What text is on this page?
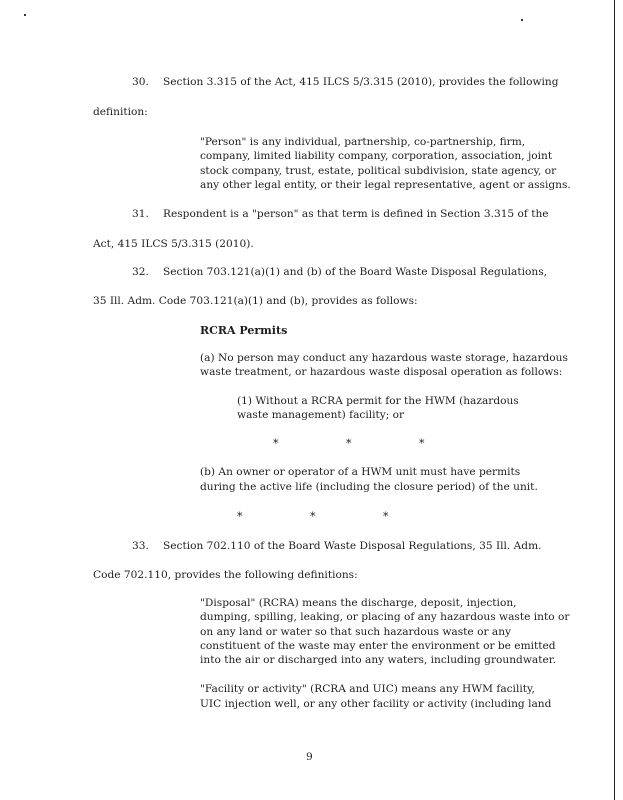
30. Section 3.315 of the Act, 415 ILCS 5/3.315 (2010), provides the following
definition:
"Person" is any individual, partnership, co-partnership, firm,
company, limited liability company, corporation, association, joint
stock company, trust, estate, political subdivision, state agency, or
any other legal entity, or their legal representative, agent or assigns.
31. Respondent is a "person" as that term is defined in Section 3.315 of the
Act, 415 ILCS 5/3.315 (2010).
32. Section 703.121(a)(1) and (b) of the Board Waste Disposal Regulations,
35 Ill. Adm. Code 703.121(a)(1) and (b), provides as follows:
RCRA Permits
(a) No person may conduct any hazardous waste storage, hazardous
waste treatment, or hazardous waste disposal operation as follows:
(1) Without a RCRA permit for the HWM (hazardous
waste management) facility; or
*	*	*
(b) An owner or operator of a HWM unit must have permits
during the active life (including the closure period) of the unit.
*	*	*
33. Section 702.110 of the Board Waste Disposal Regulations, 35 Ill. Adm.
Code 702.110, provides the following definitions:
"Disposal" (RCRA) means the discharge, deposit, injection,
dumping, spilling, leaking, or placing of any hazardous waste into or
on any land or water so that such hazardous waste or any
constituent of the waste may enter the environment or be emitted
into the air or discharged into any waters, including groundwater.
"Facility or activity" (RCRA and UIC) means any HWM facility,
UIC injection well, or any other facility or activity (including land
9
